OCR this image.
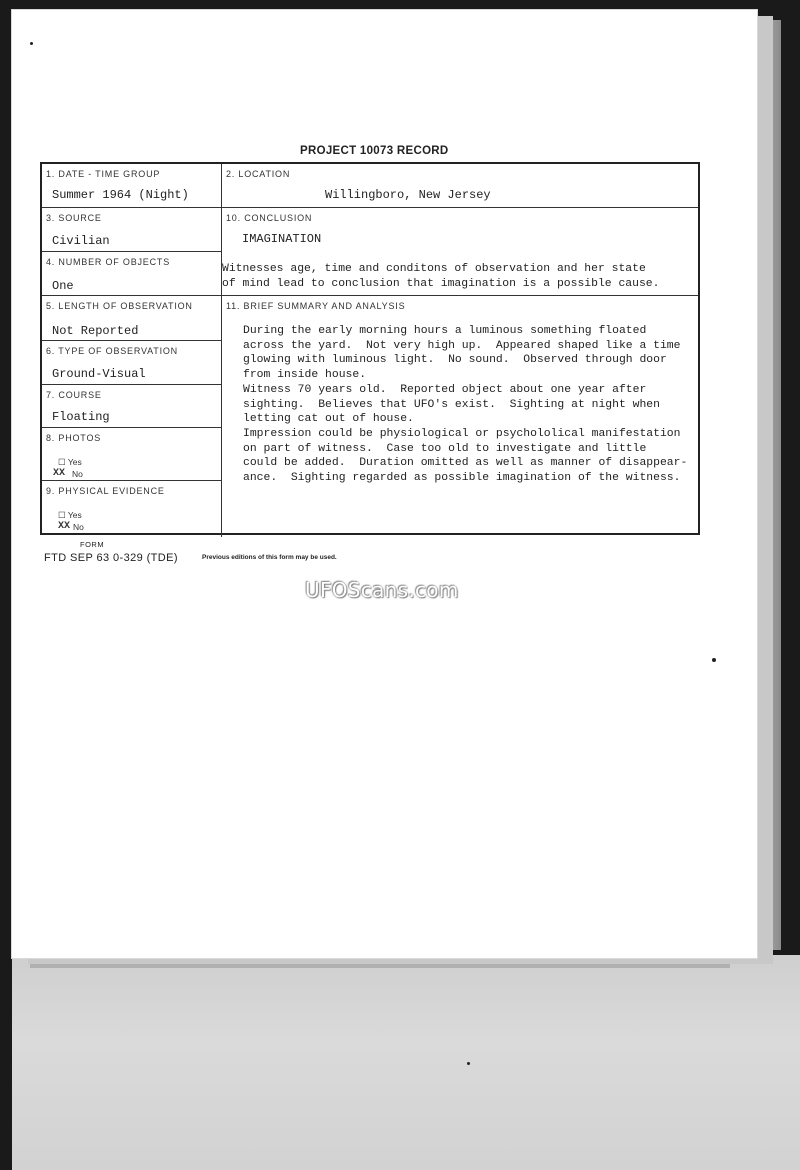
PROJECT 10073 RECORD
1. DATE - TIME GROUP
Summer 1964 (Night)
3. SOURCE
Civilian
4. NUMBER OF OBJECTS
One
5. LENGTH OF OBSERVATION
Not Reported
6. TYPE OF OBSERVATION
Ground-Visual
7. COURSE
Floating
8. PHOTOS
☐ Yes
XX No
9. PHYSICAL EVIDENCE
☐ Yes
XX No
2. LOCATION
Willingboro, New Jersey
10. CONCLUSION
IMAGINATION
Witnesses age, time and conditons of observation and her state
of mind lead to conclusion that imagination is a possible cause.
11. BRIEF SUMMARY AND ANALYSIS
During the early morning hours a luminous something floated
across the yard.  Not very high up.  Appeared shaped like a time
glowing with luminous light.  No sound.  Observed through door
from inside house.
Witness 70 years old.  Reported object about one year after
sighting.  Believes that UFO's exist.  Sighting at night when
letting cat out of house.
Impression could be physiological or psychololical manifestation
on part of witness.  Case too old to investigate and little
could be added.  Duration omitted as well as manner of disappear-
ance.  Sighting regarded as possible imagination of the witness.
FORM
FTD SEP 63 0-329 (TDE)	Previous editions of this form may be used.
UFOScans.com
